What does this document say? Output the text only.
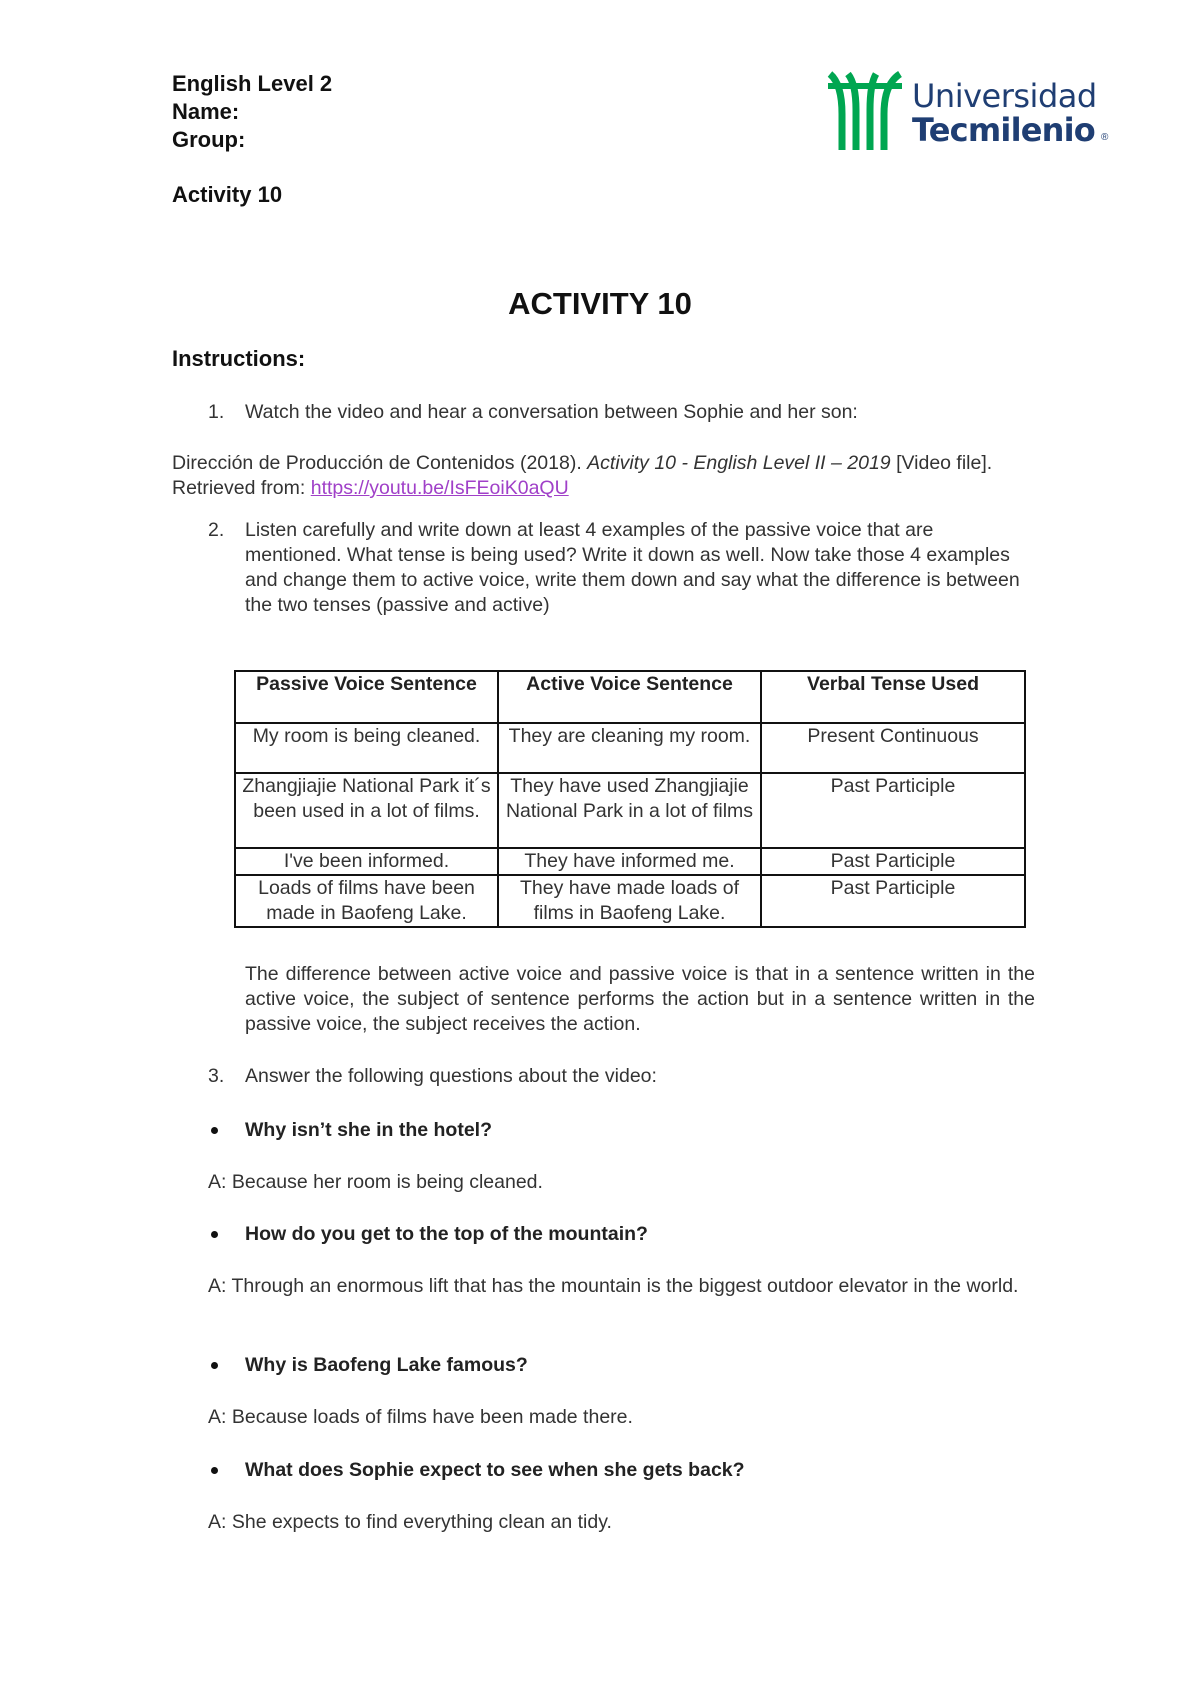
English Level 2
Name:
Group:
Activity 10
Universidad
Tecmilenio ®
ACTIVITY 10
Instructions:
1. Watch the video and hear a conversation between Sophie and her son:
Dirección de Producción de Contenidos (2018). Activity 10 - English Level II – 2019 [Video file]. Retrieved from: https://youtu.be/IsFEoiK0aQU
2. Listen carefully and write down at least 4 examples of the passive voice that are mentioned. What tense is being used? Write it down as well. Now take those 4 examples and change them to active voice, write them down and say what the difference is between the two tenses (passive and active)
Passive Voice Sentence	Active Voice Sentence	Verbal Tense Used
My room is being cleaned.	They are cleaning my room.	Present Continuous
Zhangjiajie National Park it´s been used in a lot of films.	They have used Zhangjiajie National Park in a lot of films	Past Participle
I've been informed.	They have informed me.	Past Participle
Loads of films have been made in Baofeng Lake.	They have made loads of films in Baofeng Lake.	Past Participle
The difference between active voice and passive voice is that in a sentence written in the active voice, the subject of sentence performs the action but in a sentence written in the passive voice, the subject receives the action.
3. Answer the following questions about the video:
Why isn’t she in the hotel?
A: Because her room is being cleaned.
How do you get to the top of the mountain?
A: Through an enormous lift that has the mountain is the biggest outdoor elevator in the world.
Why is Baofeng Lake famous?
A: Because loads of films have been made there.
What does Sophie expect to see when she gets back?
A: She expects to find everything clean an tidy.
